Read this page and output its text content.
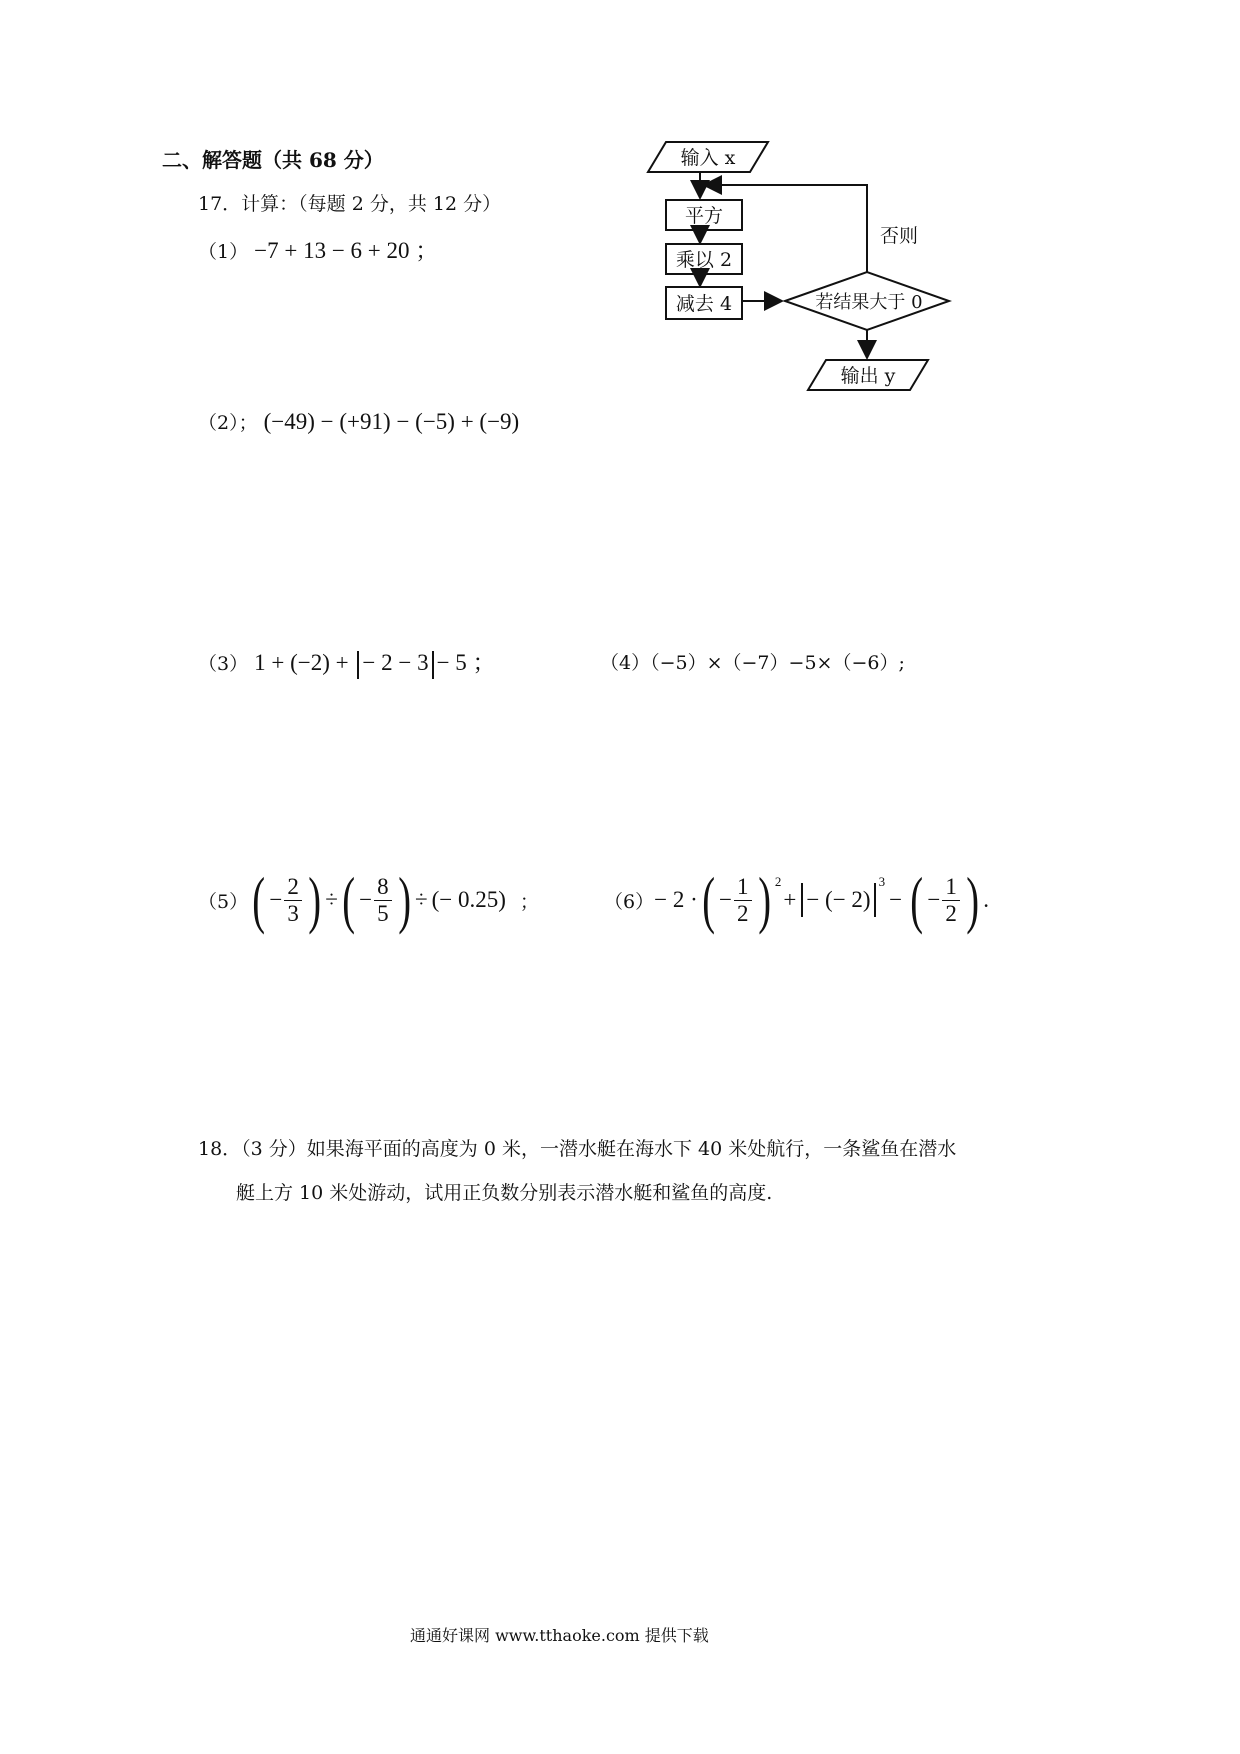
二、解答题（共 68 分）
17．计算：（每题 2 分，共 12 分）
（1） −7 + 13 − 6 + 20 ；
（2）； (−49) − (+91) − (−5) + (−9)
（3） 1 + (−2) + − 2 − 3 − 5 ；	（4）（−5）×（−7）−5×（−6）;
（5） ( − $\frac{2}{3}$ ) ÷ ( − $\frac{8}{5}$ ) ÷ (− 0.25) ；	（6） − 2 · ( − $\frac{1}{2}$ ) 2
+ − (− 2)
3
− ( − $\frac{1}{2}$ ) .
18．（3 分）如果海平面的高度为 0 米，一潜水艇在海水下 40 米处航行，一条鲨鱼在潜水
艇上方 10 米处游动，试用正负数分别表示潜水艇和鲨鱼的高度.
输入 x
平方
乘以 2
减去 4	若结果大于 0
否则
输出 y
通通好课网 www.tthaoke.com 提供下载
